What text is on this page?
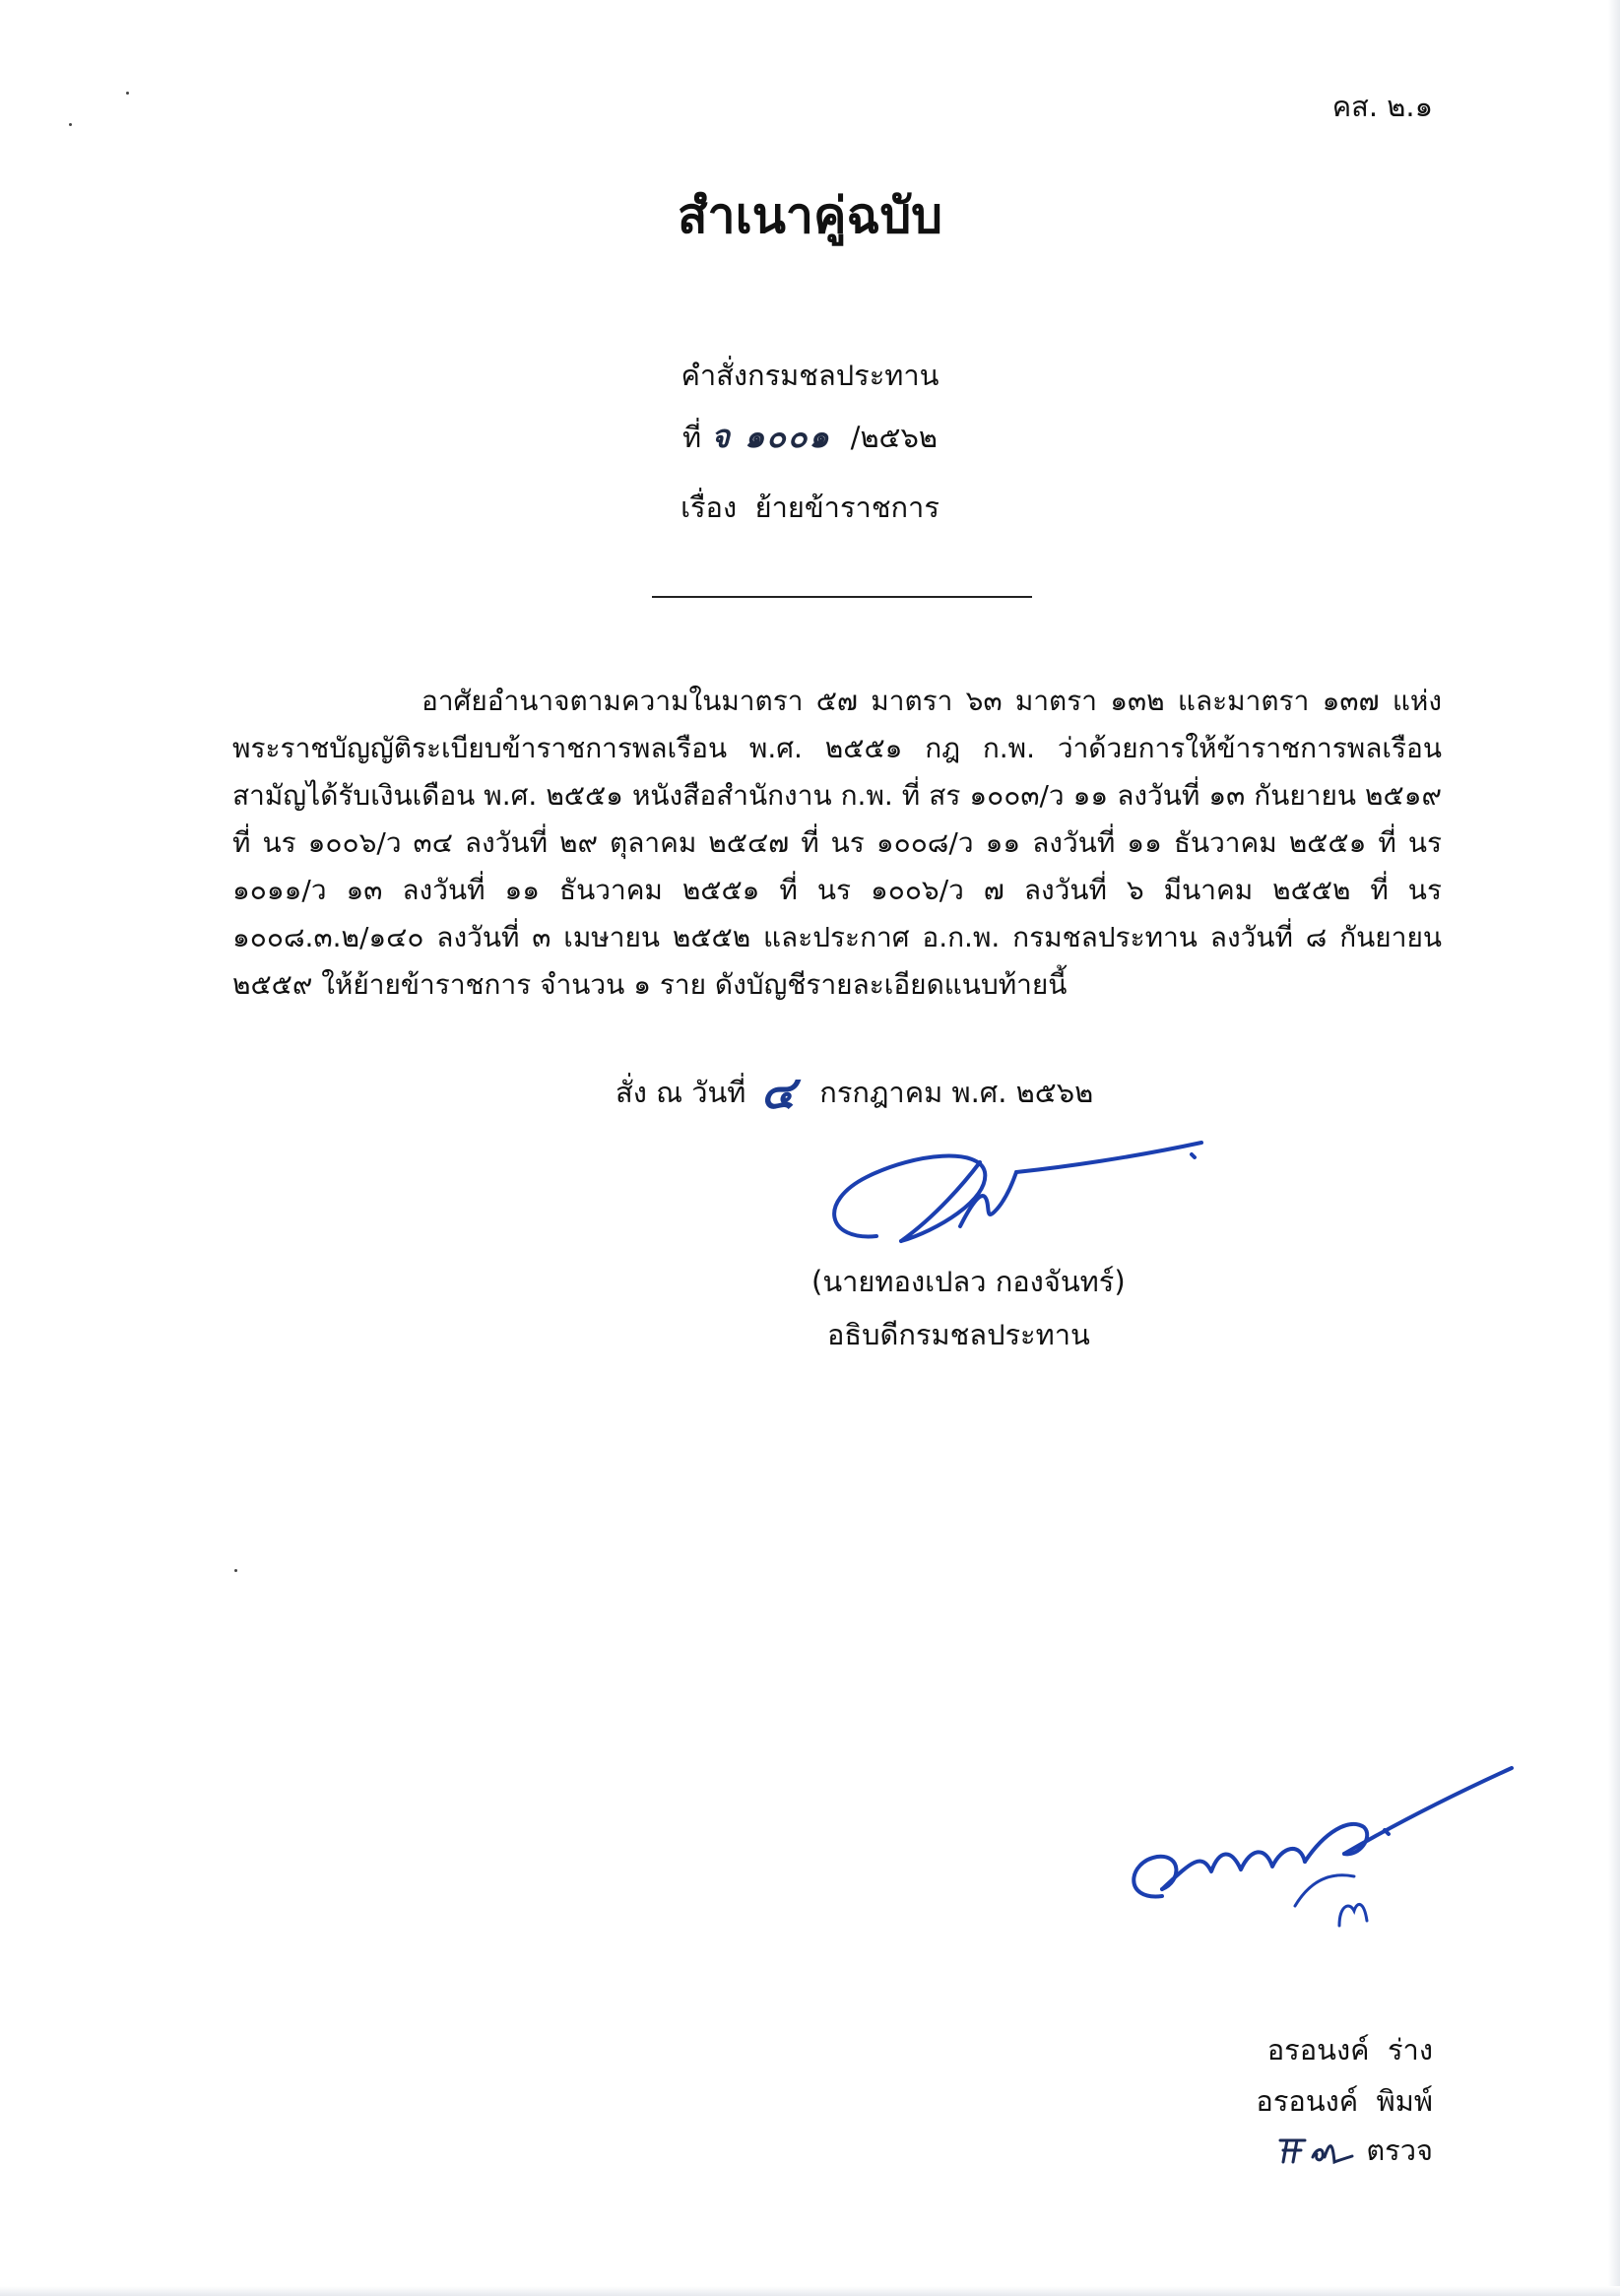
คส. ๒.๑
สำเนาคู่ฉบับ
คำสั่งกรมชลประทาน
ที่ จ ๑๐๐๑ /๒๕๖๒
เรื่อง ย้ายข้าราชการ
อาศัยอำนาจตามความในมาตรา ๕๗ มาตรา ๖๓ มาตรา ๑๓๒ และมาตรา ๑๓๗ แห่งพระราชบัญญัติระเบียบข้าราชการพลเรือน พ.ศ. ๒๕๕๑ กฎ ก.พ. ว่าด้วยการให้ข้าราชการพลเรือนสามัญได้รับเงินเดือน พ.ศ. ๒๕๕๑ หนังสือสำนักงาน ก.พ. ที่ สร ๑๐๐๓/ว ๑๑ ลงวันที่ ๑๓ กันยายน ๒๕๑๙ ที่ นร ๑๐๐๖/ว ๓๔ ลงวันที่ ๒๙ ตุลาคม ๒๕๔๗ ที่ นร ๑๐๐๘/ว ๑๑ ลงวันที่ ๑๑ ธันวาคม ๒๕๕๑ ที่ นร ๑๐๑๑/ว ๑๓ ลงวันที่ ๑๑ ธันวาคม ๒๕๕๑ ที่ นร ๑๐๐๖/ว ๗ ลงวันที่ ๖ มีนาคม ๒๕๕๒ ที่ นร ๑๐๐๘.๓.๒/๑๔๐ ลงวันที่ ๓ เมษายน ๒๕๕๒ และประกาศ อ.ก.พ. กรมชลประทาน ลงวันที่ ๘ กันยายน ๒๕๕๙ ให้ย้ายข้าราชการ จำนวน ๑ ราย ดังบัญชีรายละเอียดแนบท้ายนี้
สั่ง ณ วันที่ ๔ กรกฎาคม พ.ศ. ๒๕๖๒
(นายทองเปลว กองจันทร์)
อธิบดีกรมชลประทาน
อรอนงค์ ร่าง
อรอนงค์ พิมพ์
ตรวจ
